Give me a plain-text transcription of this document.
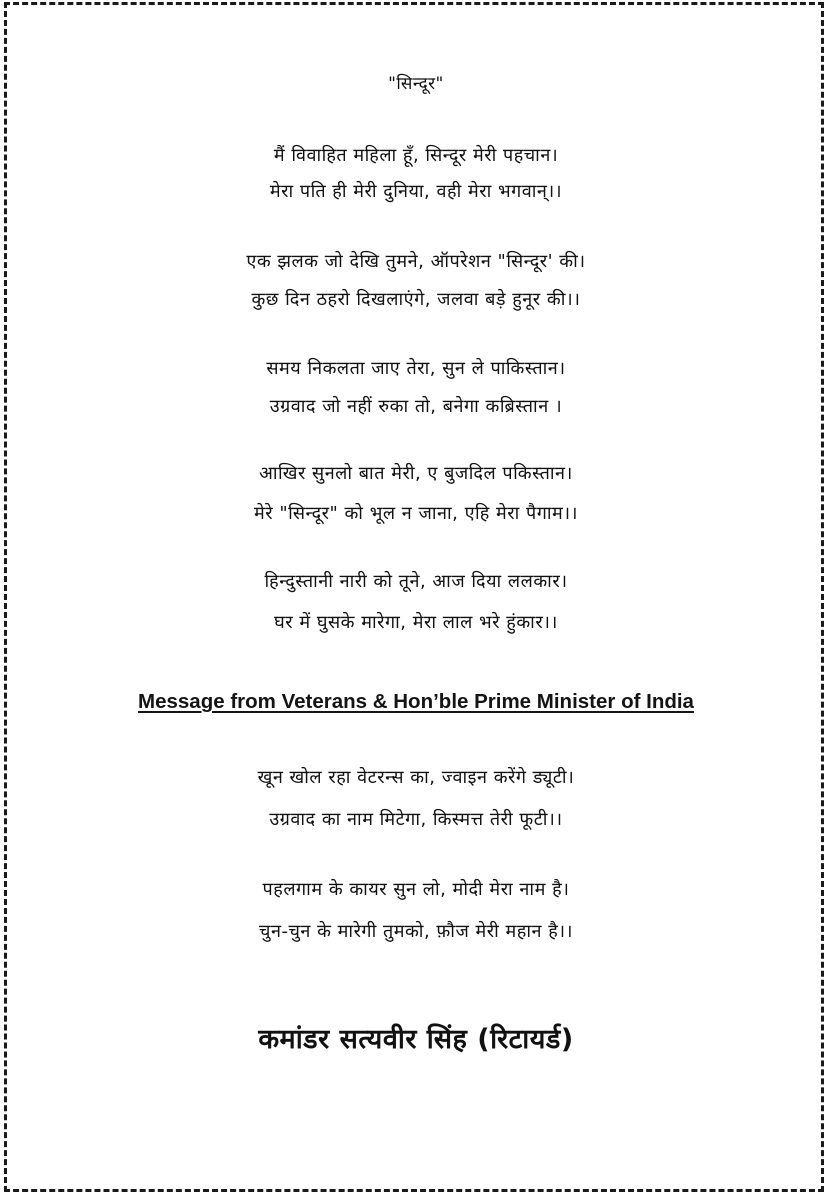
"सिन्दूर"
मैं विवाहित महिला हूँ, सिन्दूर मेरी पहचान।
मेरा पति ही मेरी दुनिया, वही मेरा भगवान्।।
एक झलक जो देखि तुमने, ऑपरेशन "सिन्दूर' की।
कुछ दिन ठहरो दिखलाएंगे, जलवा बड़े हुनूर की।।
समय निकलता जाए तेरा, सुन ले पाकिस्तान।
उग्रवाद जो नहीं रुका तो, बनेगा कब्रिस्तान ।
आखिर सुनलो बात मेरी, ए बुजदिल पकिस्तान।
मेरे "सिन्दूर" को भूल न जाना, एहि मेरा पैगाम।।
हिन्दुस्तानी नारी को तूने, आज दिया ललकार।
घर में घुसके मारेगा, मेरा लाल भरे हुंकार।।
Message from Veterans & Hon’ble Prime Minister of India
खून खोल रहा वेटरन्स का, ज्वाइन करेंगे ड्यूटी।
उग्रवाद का नाम मिटेगा, किस्मत्त तेरी फूटी।।
पहलगाम के कायर सुन लो, मोदी मेरा नाम है।
चुन-चुन के मारेगी तुमको, फ़ौज मेरी महान है।।
कमांडर सत्यवीर सिंह (रिटायर्ड)
